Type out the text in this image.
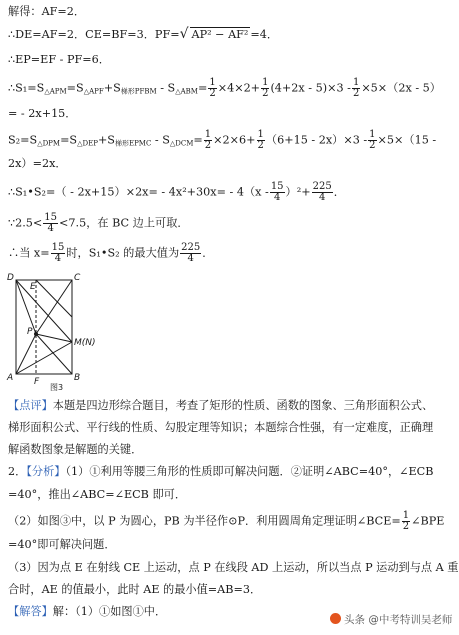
解得：AF=2．
∴DE=AF=2．CE=BF=3．PF=√ AP² − AF² =4．
∴EP=EF - PF=6．
$\therefore S_1=S_{\triangle APM}=S_{\triangle APF}+S_{梯形PFBM} - S_{\triangle ABM}= \frac{1}{2} \times 4\times 2+ \frac{1}{2} (4+2x - 5)\times 3 - \frac{1}{2} \times 5\times(2x - 5)$
= - 2x+15．
$S_2=S_{\triangle DPM}=S_{\triangle DEP}+S_{梯形EPMC} - S_{\triangle DCM}= \frac{1}{2} \times 2\times 6+ \frac{1}{2} (6+15 - 2x)\times 3 - \frac{1}{2} \times 5\times(15$ -
2x）=2x．
∴S₁•S₂=（ - $2x+15)\times 2x= - 4x^2+30x= - 4(x - \frac{15}{4} )^2+ \frac{225}{4}$ ．
∵2.5< $\frac{15}{4} <7.5$，在 BC 边上可取．
∴当 $x= \frac{15}{4}$ 时，S₁•S₂ 的最大值为 $\frac{225}{4}$ ．
D
E
C
P
M(N)
A F	B
图3
【点评】本题是四边形综合题目，考查了矩形的性质、函数的图象、三角形面积公式、
梯形面积公式、平行线的性质、勾股定理等知识；本题综合性强，有一定难度，正确理
解函数图象是解题的关键．
2．【分析】（1）①利用等腰三角形的性质即可解决问题．②证明∠ABC=40°，∠ECB
=40°，推出∠ABC=∠ECB 即可．
（2）如图③中，以 P 为圆心，PB 为半径作⊙P．利用圆周角定理证明∠BCE= $\frac{1}{2}$ ∠BPE
=40°即可解决问题．
（3）因为点 E 在射线 CE 上运动，点 P 在线段 AD 上运动，所以当点 P 运动到与点 A 重
合时，AE 的值最小，此时 AE 的最小值=AB=3．
【解答】解：（1）①如图①中．
头条 @中考特训吴老师
